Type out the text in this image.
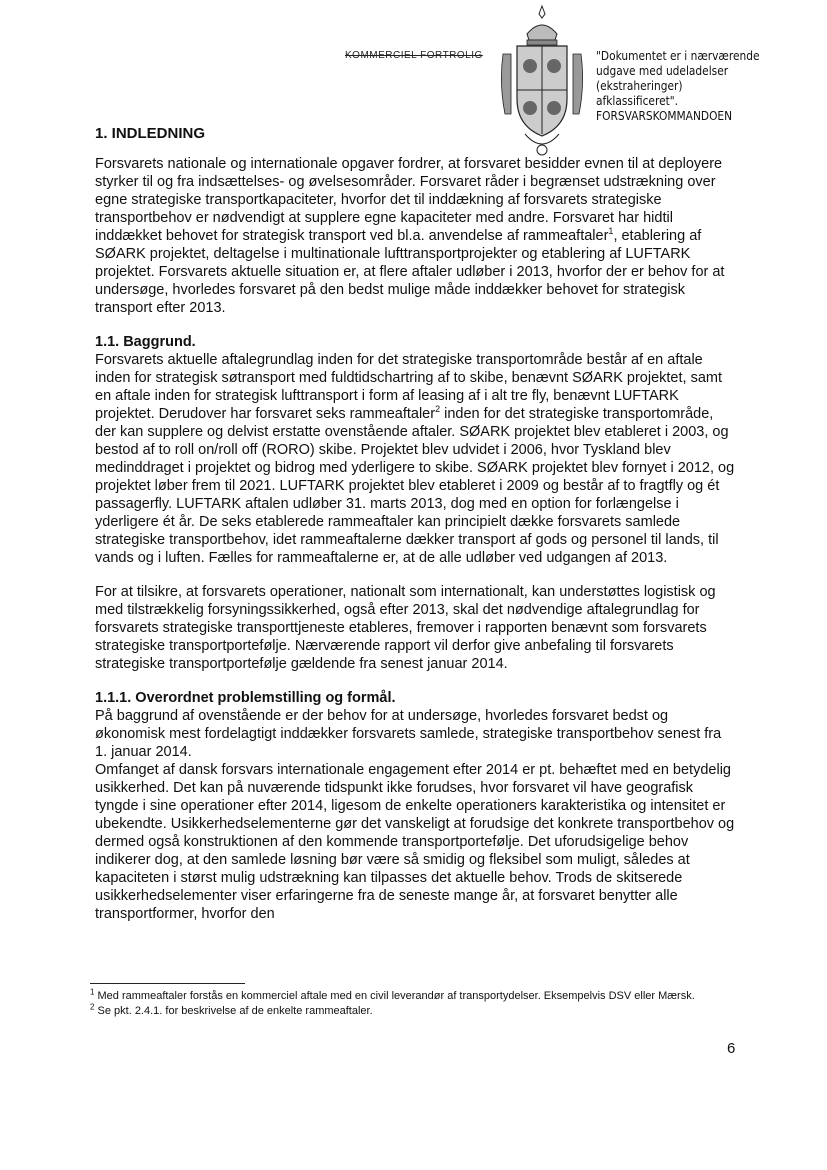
KOMMERCIEL FORTROLIG	"Dokumentet er i nærværende udgave med udeladelser (ekstraheringer) afklassificeret".
FORSVARSKOMMANDOEN
1. INDLEDNING

Forsvarets nationale og internationale opgaver fordrer, at forsvaret besidder evnen til at deployere styrker til og fra indsættelses- og øvelsesområder. Forsvaret råder i begrænset udstrækning over egne strategiske transportkapaciteter, hvorfor det til inddækning af forsvarets strategiske transportbehov er nødvendigt at supplere egne kapaciteter med andre. Forsvaret har hidtil inddækket behovet for strategisk transport ved bl.a. anvendelse af rammeaftaler$^1$, etablering af SØARK projektet, deltagelse i multinationale lufttransportprojekter og etablering af LUFTARK projektet. Forsvarets aktuelle situation er, at flere aftaler udløber i 2013, hvorfor der er behov for at undersøge, hvorledes forsvaret på den bedst mulige måde inddækker behovet for strategisk transport efter 2013.

1.1. Baggrund.

Forsvarets aktuelle aftalegrundlag inden for det strategiske transportområde består af en aftale inden for strategisk søtransport med fuldtidschartring af to skibe, benævnt SØARK projektet, samt en aftale inden for strategisk lufttransport i form af leasing af i alt tre fly, benævnt LUFTARK projektet. Derudover har forsvaret seks rammeaftaler$^2$ inden for det strategiske transportområde, der kan supplere og delvist erstatte ovenstående aftaler. SØARK projektet blev etableret i 2003, og bestod af to roll on/roll off (RORO) skibe. Projektet blev udvidet i 2006, hvor Tyskland blev medinddraget i projektet og bidrog med yderligere to skibe. SØARK projektet blev fornyet i 2012, og projektet løber frem til 2021. LUFTARK projektet blev etableret i 2009 og består af to fragtfly og ét passagerfly. LUFTARK aftalen udløber 31. marts 2013, dog med en option for forlængelse i yderligere ét år. De seks etablerede rammeaftaler kan principielt dække forsvarets samlede strategiske transportbehov, idet rammeaftalerne dækker transport af gods og personel til lands, til vands og i luften. Fælles for rammeaftalerne er, at de alle udløber ved udgangen af 2013.

For at tilsikre, at forsvarets operationer, nationalt som internationalt, kan understøttes logistisk og med tilstrækkelig forsyningssikkerhed, også efter 2013, skal det nødvendige aftalegrundlag for forsvarets strategiske transporttjeneste etableres, fremover i rapporten benævnt som forsvarets strategiske transportportefølje. Nærværende rapport vil derfor give anbefaling til forsvarets strategiske transportportefølje gældende fra senest januar 2014.

1.1.1. Overordnet problemstilling og formål.

På baggrund af ovenstående er der behov for at undersøge, hvorledes forsvaret bedst og økonomisk mest fordelagtigt inddækker forsvarets samlede, strategiske transportbehov senest fra 1. januar 2014.

Omfanget af dansk forsvars internationale engagement efter 2014 er pt. behæftet med en betydelig usikkerhed. Det kan på nuværende tidspunkt ikke forudses, hvor forsvaret vil have geografisk tyngde i sine operationer efter 2014, ligesom de enkelte operationers karakteristika og intensitet er ubekendte. Usikkerhedselementerne gør det vanskeligt at forudsige det konkrete transportbehov og dermed også konstruktionen af den kommende transportportefølje. Det uforudsigelige behov indikerer dog, at den samlede løsning bør være så smidig og fleksibel som muligt, således at kapaciteten i størst mulig udstrækning kan tilpasses det aktuelle behov. Trods de skitserede usikkerhedselementer viser erfaringerne fra de seneste mange år, at forsvaret benytter alle transportformer, hvorfor den

$^1$ Med rammeaftaler forstås en kommerciel aftale med en civil leverandør af transportydelser. Eksempelvis DSV eller Mærsk.

$^2$ Se pkt. 2.4.1. for beskrivelse af de enkelte rammeaftaler.

6
